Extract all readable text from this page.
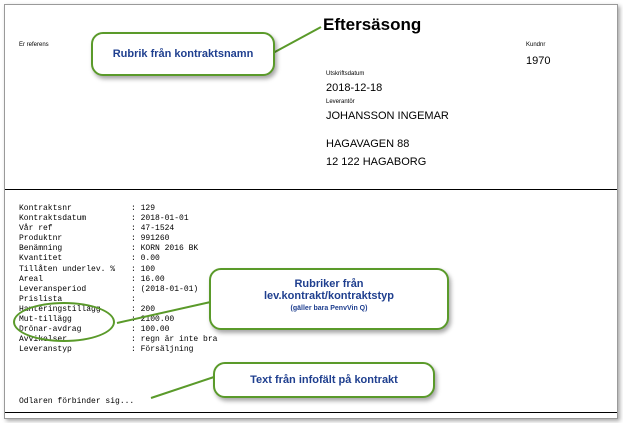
Eftersäsong
Er referens	Kundnr
1970
Utskriftsdatum
2018-12-18
Leverantör
JOHANSSON INGEMAR
HAGAVAGEN 88
12 122 HAGABORG
Kontraktsnr	:
129
Kontraktsdatum	:
2018-01-01
Vår ref	:
47-1524
Produktnr	:
991260
Benämning	:
KORN 2016 BK
Kvantitet	:
0.00
Tillåten underlev. %	:
100
Areal	:
16.00
Leveransperiod	:
(2018-01-01)
Prislista	:

Hanteringstillägg	:
200
Mut-tillägg
	2100.00
Drönar-avdrag	:
100.00
Avvikelser	:
regn är inte bra
Leveranstyp	:
Försäljning
Odlaren förbinder sig...
Rubrik från kontraktsnamn
Rubriker från
lev.kontrakt/kontraktstyp
(gäller bara PenvVin Q)
Text från infofält på kontrakt
